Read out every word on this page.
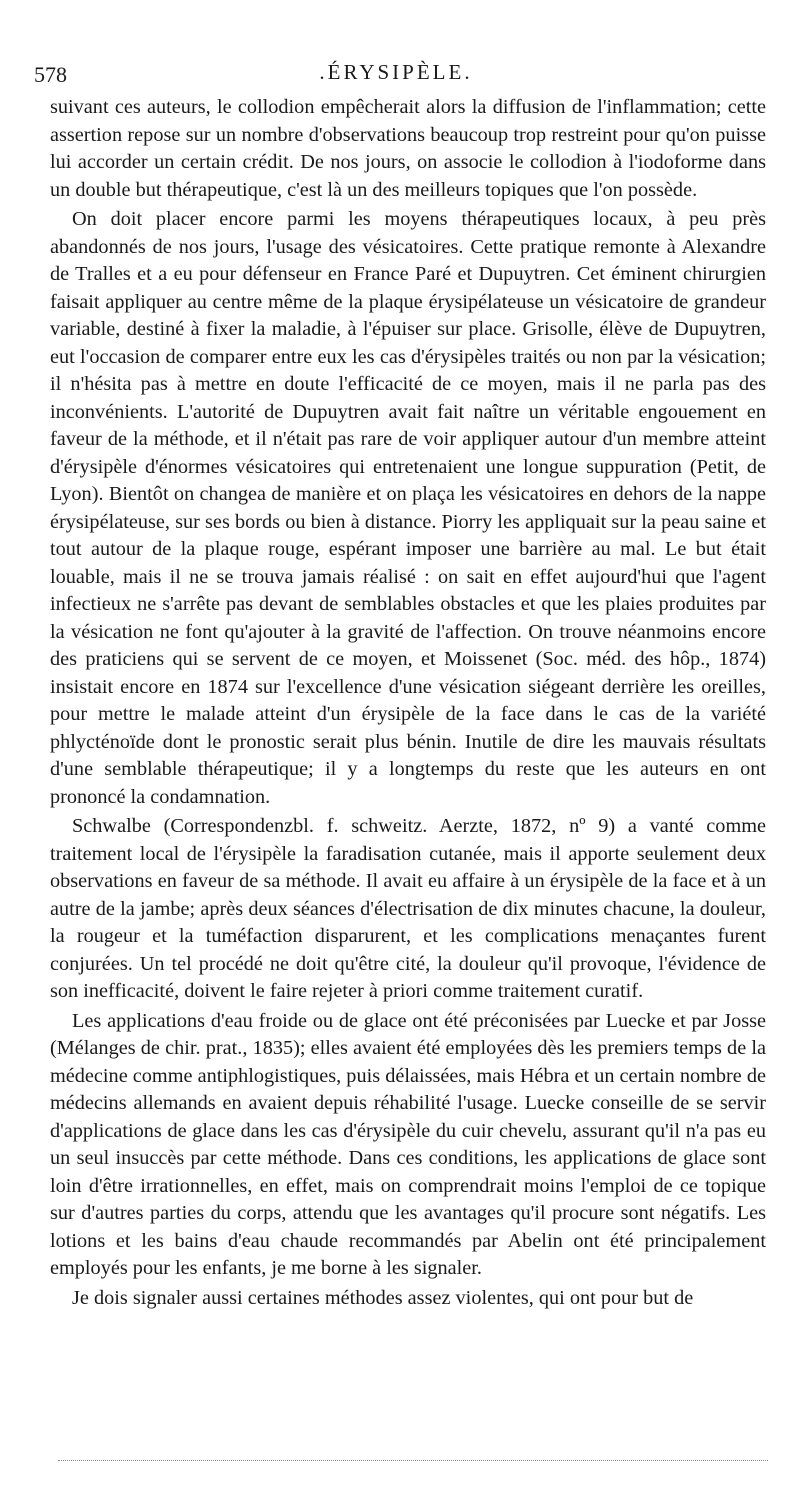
578	.ÉRYSIPÈLE.

suivant ces auteurs, le collodion empêcherait alors la diffusion de l'inflammation; cette assertion repose sur un nombre d'observations beaucoup trop restreint pour qu'on puisse lui accorder un certain crédit. De nos jours, on associe le collodion à l'iodoforme dans un double but thérapeutique, c'est là un des meilleurs topiques que l'on possède.

On doit placer encore parmi les moyens thérapeutiques locaux, à peu près abandonnés de nos jours, l'usage des vésicatoires. Cette pratique remonte à Alexandre de Tralles et a eu pour défenseur en France Paré et Dupuytren. Cet éminent chirurgien faisait appliquer au centre même de la plaque érysipélateuse un vésicatoire de grandeur variable, destiné à fixer la maladie, à l'épuiser sur place. Grisolle, élève de Dupuytren, eut l'occasion de comparer entre eux les cas d'érysipèles traités ou non par la vésication; il n'hésita pas à mettre en doute l'efficacité de ce moyen, mais il ne parla pas des inconvénients. L'autorité de Dupuytren avait fait naître un véritable engouement en faveur de la méthode, et il n'était pas rare de voir appliquer autour d'un membre atteint d'érysipèle d'énormes vésicatoires qui entretenaient une longue suppuration (Petit, de Lyon). Bientôt on changea de manière et on plaça les vésicatoires en dehors de la nappe érysipélateuse, sur ses bords ou bien à distance. Piorry les appliquait sur la peau saine et tout autour de la plaque rouge, espérant imposer une barrière au mal. Le but était louable, mais il ne se trouva jamais réalisé : on sait en effet aujourd'hui que l'agent infectieux ne s'arrête pas devant de semblables obstacles et que les plaies produites par la vésication ne font qu'ajouter à la gravité de l'affection. On trouve néanmoins encore des praticiens qui se servent de ce moyen, et Moissenet (Soc. méd. des hôp., 1874) insistait encore en 1874 sur l'excellence d'une vésication siégeant derrière les oreilles, pour mettre le malade atteint d'un érysipèle de la face dans le cas de la variété phlycténoïde dont le pronostic serait plus bénin. Inutile de dire les mauvais résultats d'une semblable thérapeutique; il y a longtemps du reste que les auteurs en ont prononcé la condamnation.

Schwalbe (Correspondenzbl. f. schweitz. Aerzte, 1872, nº 9) a vanté comme traitement local de l'érysipèle la faradisation cutanée, mais il apporte seulement deux observations en faveur de sa méthode. Il avait eu affaire à un érysipèle de la face et à un autre de la jambe; après deux séances d'électrisation de dix minutes chacune, la douleur, la rougeur et la tuméfaction disparurent, et les complications menaçantes furent conjurées. Un tel procédé ne doit qu'être cité, la douleur qu'il provoque, l'évidence de son inefficacité, doivent le faire rejeter à priori comme traitement curatif.

Les applications d'eau froide ou de glace ont été préconisées par Luecke et par Josse (Mélanges de chir. prat., 1835); elles avaient été employées dès les premiers temps de la médecine comme antiphlogistiques, puis délaissées, mais Hébra et un certain nombre de médecins allemands en avaient depuis réhabilité l'usage. Luecke conseille de se servir d'applications de glace dans les cas d'érysipèle du cuir chevelu, assurant qu'il n'a pas eu un seul insuccès par cette méthode. Dans ces conditions, les applications de glace sont loin d'être irrationnelles, en effet, mais on comprendrait moins l'emploi de ce topique sur d'autres parties du corps, attendu que les avantages qu'il procure sont négatifs. Les lotions et les bains d'eau chaude recommandés par Abelin ont été principalement employés pour les enfants, je me borne à les signaler.

Je dois signaler aussi certaines méthodes assez violentes, qui ont pour but de
